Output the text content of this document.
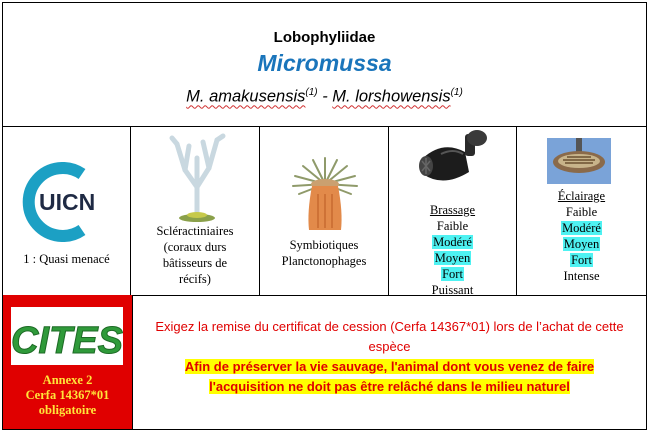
Lobophyliidae
Micromussa
M. amakusensis$^{(1)}$ - M. lorshowensis$^{(1)}$
UICN
1 : Quasi menacé
Scléractiniaires
(coraux durs
bâtisseurs de
récifs)
Symbiotiques
Planctonophages
Brassage
Faible
Modéré
Moyen
Fort
Puissant
Éclairage
Faible
Modéré
Moyen
Fort
Intense
CITES
Annexe 2
Cerfa 14367*01
obligatoire
Exigez la remise du certificat de cession (Cerfa 14367*01) lors de l’achat de cette espèce
Afin de préserver la vie sauvage, l'animal dont vous venez de faire
l'acquisition ne doit pas être relâché dans le milieu naturel
